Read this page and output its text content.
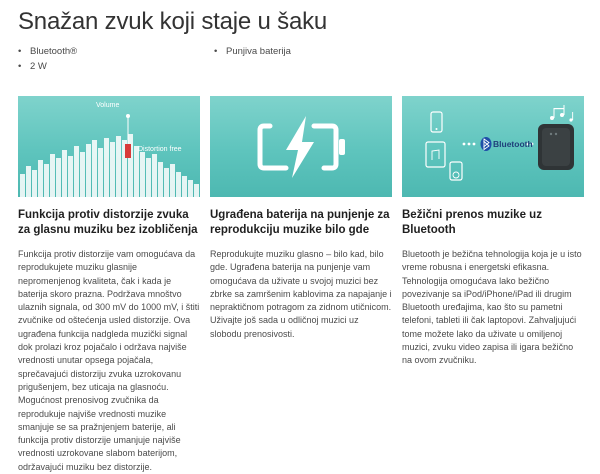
Snažan zvuk koji staje u šaku
• Bluetooth®
• 2 W
• Punjiva baterija
Volume
Distortion free
Funkcija protiv distorzije zvuka za glasnu muziku bez izobličenja

Funkcija protiv distorzije vam omogućava da reprodukujete muziku glasnije nepromenjenog kvaliteta, čak i kada je baterija skoro prazna. Podržava mnoštvo ulaznih signala, od 300 mV do 1000 mV, i štiti zvučnike od oštećenja usled distorzije. Ova ugrađena funkcija nadgleda muzički signal dok prolazi kroz pojačalo i održava najviše vrednosti unutar opsega pojačala, sprečavajući distorziju zvuka uzrokovanu prigušenjem, bez uticaja na glasnoću. Mogućnost prenosivog zvučnika da reprodukuje najviše vrednosti muzike smanjuje se sa pražnjenjem baterije, ali funkcija protiv distorzije umanjuje najviše vrednosti uzrokovane slabom baterijom, održavajući muziku bez distorzije.

Ugrađena baterija na punjenje za reprodukciju muzike bilo gde

Reprodukujte muziku glasno – bilo kad, bilo gde. Ugrađena baterija na punjenje vam omogućava da uživate u svojoj muzici bez zbrke sa zamršenim kablovima za napajanje i nepraktičnom potragom za zidnom utičnicom. Uživajte još sada u odličnoj muzici uz slobodu prenosivosti.

Bluetooth
Bežični prenos muzike uz Bluetooth

Bluetooth je bežična tehnologija koja je u isto vreme robusna i energetski efikasna. Tehnologija omogućava lako bežično povezivanje sa iPod/iPhone/iPad ili drugim Bluetooth uređajima, kao što su pametni telefoni, tableti ili čak laptopovi. Zahvaljujući tome možete lako da uživate u omiljenoj muzici, zvuku video zapisa ili igara bežično na ovom zvučniku.
